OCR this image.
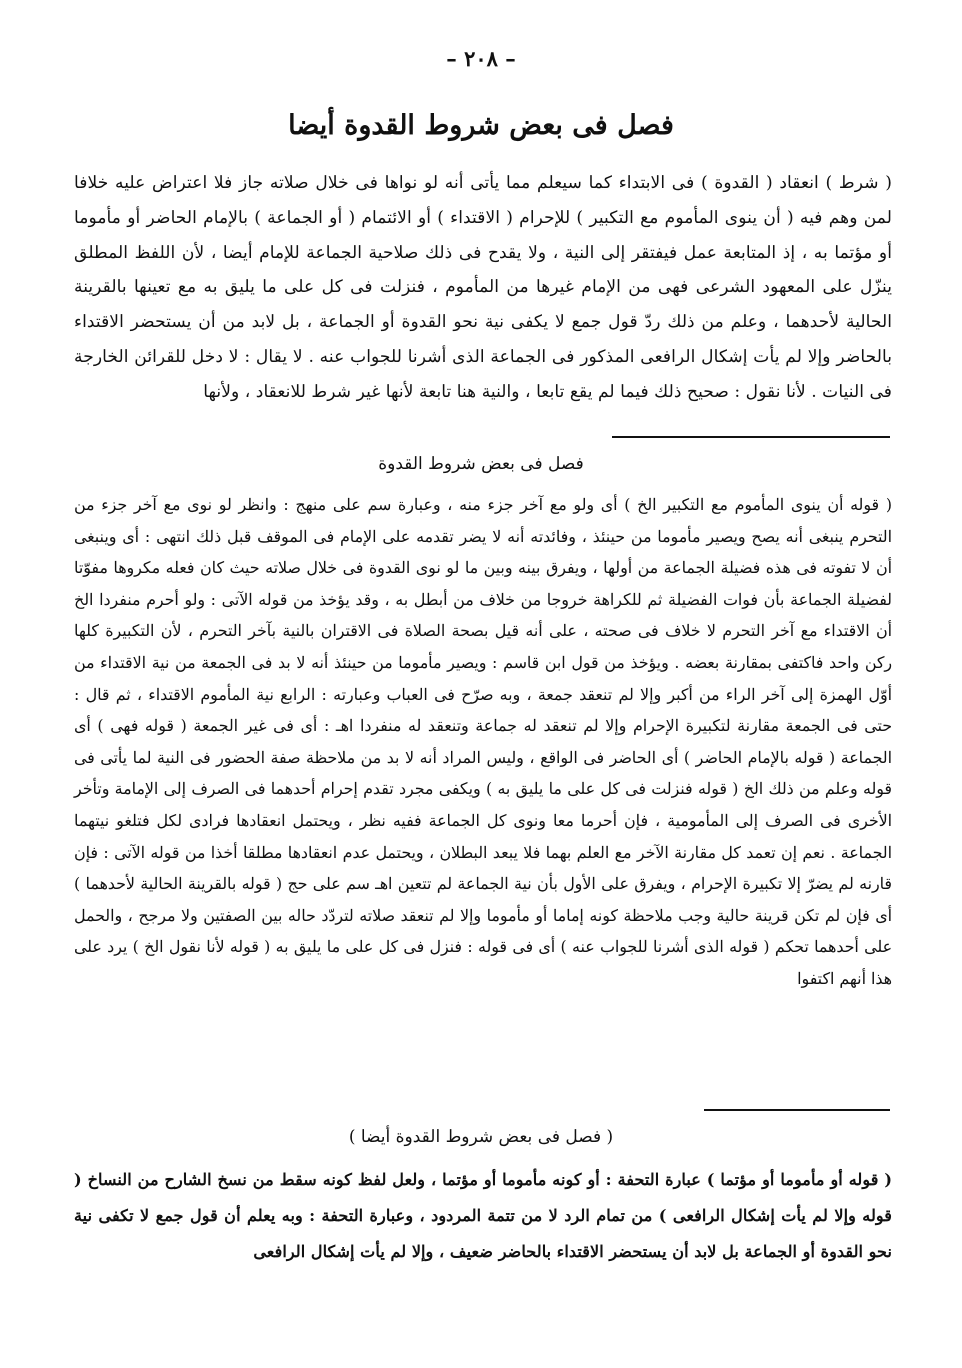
– ٢٠٨ –
فصل فى بعض شروط القدوة أيضا

( شرط ) انعقاد ( القدوة ) فى الابتداء كما سيعلم مما يأتى أنه لو نواها فى خلال صلاته جاز فلا اعتراض عليه خلافا لمن وهم فيه ( أن ينوى المأموم مع التكبير ) للإحرام ( الاقتداء ) أو الائتمام ( أو الجماعة ) بالإمام الحاضر أو مأموما أو مؤتما به ، إذ المتابعة عمل فيفتقر إلى النية ، ولا يقدح فى ذلك صلاحية الجماعة للإمام أيضا ، لأن اللفظ المطلق ينزّل على المعهود الشرعى فهى من الإمام غيرها من المأموم ، فنزلت فى كل على ما يليق به مع تعينها بالقرينة الحالية لأحدهما ، وعلم من ذلك ردّ قول جمع لا يكفى نية نحو القدوة أو الجماعة ، بل لابد من أن يستحضر الاقتداء بالحاضر وإلا لم يأت إشكال الرافعى المذكور فى الجماعة الذى أشرنا للجواب عنه . لا يقال : لا دخل للقرائن الخارجة فى النيات . لأنا نقول : صحيح ذلك فيما لم يقع تابعا ، والنية هنا تابعة لأنها غير شرط للانعقاد ، ولأنها

فصل فى بعض شروط القدوة

( قوله أن ينوى المأموم مع التكبير الخ ) أى ولو مع آخر جزء منه ، وعبارة سم على منهج : وانظر لو نوى مع آخر جزء من التحرم ينبغى أنه يصح ويصير مأموما من حينئذ ، وفائدته أنه لا يضر تقدمه على الإمام فى الموقف قبل ذلك انتهى : أى وينبغى أن لا تفوته فى هذه فضيلة الجماعة من أولها ، ويفرق بينه وبين ما لو نوى القدوة فى خلال صلاته حيث كان فعله مكروها مفوّتا لفضيلة الجماعة بأن فوات الفضيلة ثم للكراهة خروجا من خلاف من أبطل به ، وقد يؤخذ من قوله الآتى : ولو أحرم منفردا الخ أن الاقتداء مع آخر التحرم لا خلاف فى صحته ، على أنه قيل بصحة الصلاة فى الاقتران بالنية بآخر التحرم ، لأن التكبيرة كلها ركن واحد فاكتفى بمقارنة بعضه . ويؤخذ من قول ابن قاسم : ويصير مأموما من حينئذ أنه لا بد فى الجمعة من نية الاقتداء من أوّل الهمزة إلى آخر الراء من أكبر وإلا لم تنعقد جمعة ، وبه صرّح فى العباب وعبارته : الرابع نية المأموم الاقتداء ، ثم قال : حتى فى الجمعة مقارنة لتكبيرة الإحرام وإلا لم تنعقد له جماعة وتنعقد له منفردا اهـ : أى فى غير الجمعة ( قوله فهى ) أى الجماعة ( قوله بالإمام الحاضر ) أى الحاضر فى الواقع ، وليس المراد أنه لا بد من ملاحظة صفة الحضور فى النية لما يأتى فى قوله وعلم من ذلك الخ ( قوله فنزلت فى كل على ما يليق به ) ويكفى مجرد تقدم إحرام أحدهما فى الصرف إلى الإمامة وتأخر الأخرى فى الصرف إلى المأمومية ، فإن أحرما معا ونوى كل الجماعة ففيه نظر ، ويحتمل انعقادها فرادى لكل فتلغو نيتهما الجماعة . نعم إن تعمد كل مقارنة الآخر مع العلم بهما فلا يبعد البطلان ، ويحتمل عدم انعقادها مطلقا أخذا من قوله الآتى : فإن قارنه لم يضرّ إلا تكبيرة الإحرام ، ويفرق على الأول بأن نية الجماعة لم تتعين اهـ سم على حج ( قوله بالقرينة الحالية لأحدهما ) أى فإن لم تكن قرينة حالية وجب ملاحظة كونه إماما أو مأموما وإلا لم تنعقد صلاته لتردّد حاله بين الصفتين ولا مرجح ، والحمل على أحدهما تحكم ( قوله الذى أشرنا للجواب عنه ) أى فى قوله : فنزل فى كل على ما يليق به ( قوله لأنا نقول الخ ) يرد على هذا أنهم اكتفوا

( فصل فى بعض شروط القدوة أيضا )

( قوله أو مأموما أو مؤتما ) عبارة التحفة : أو كونه مأموما أو مؤتما ، ولعل لفظ كونه سقط من نسخ الشارح من النساخ ( قوله وإلا لم يأت إشكال الرافعى ) من تمام الرد لا من تتمة المردود ، وعبارة التحفة : وبه يعلم أن قول جمع لا تكفى نية نحو القدوة أو الجماعة بل لابد أن يستحضر الاقتداء بالحاضر ضعيف ، وإلا لم يأت إشكال الرافعى
